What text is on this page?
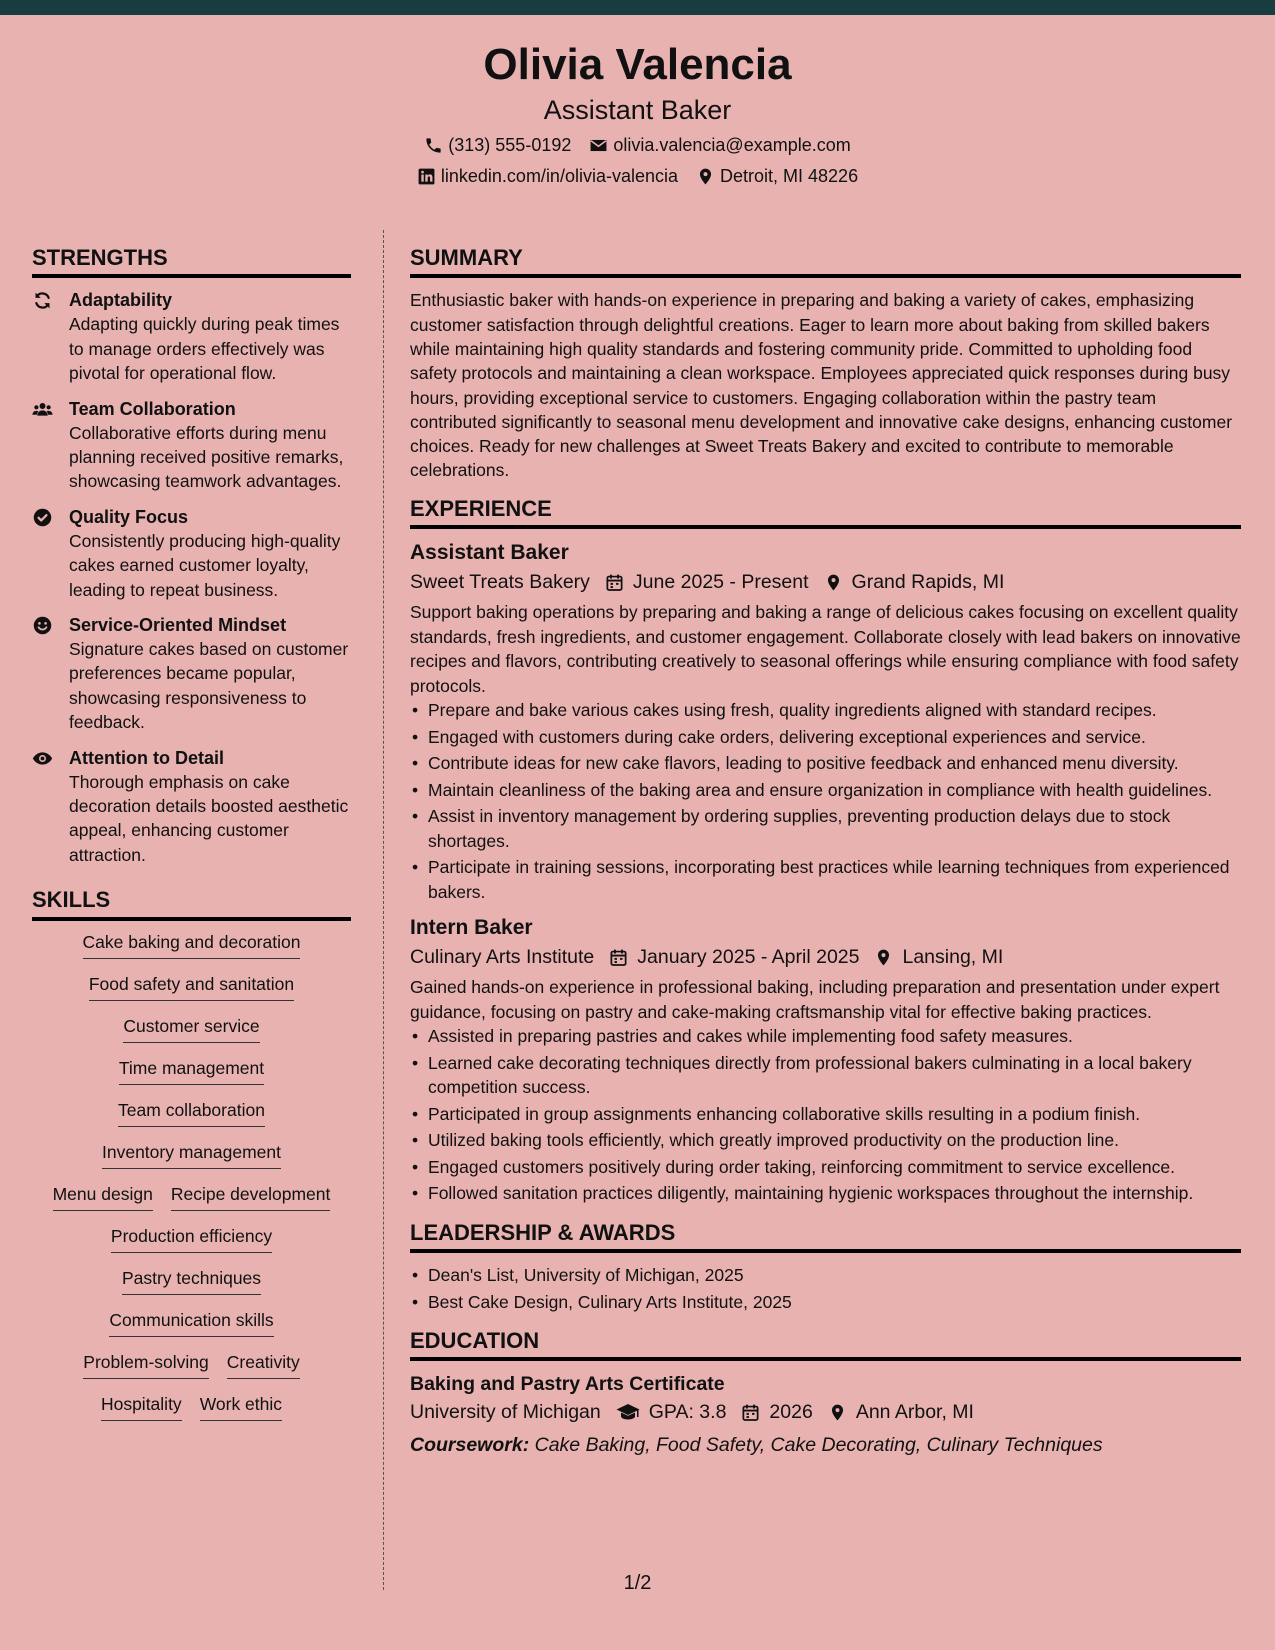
Olivia Valencia
Assistant Baker
(313) 555-0192 olivia.valencia@example.com
linkedin.com/in/olivia-valencia Detroit, MI 48226
STRENGTHS
Adaptability
Adapting quickly during peak times to manage orders effectively was pivotal for operational flow.
Team Collaboration
Collaborative efforts during menu planning received positive remarks, showcasing teamwork advantages.
Quality Focus
Consistently producing high-quality cakes earned customer loyalty, leading to repeat business.
Service-Oriented Mindset
Signature cakes based on customer preferences became popular, showcasing responsiveness to feedback.
Attention to Detail
Thorough emphasis on cake decoration details boosted aesthetic appeal, enhancing customer attraction.
SKILLS
Cake baking and decoration
Food safety and sanitation
Customer service
Time management
Team collaboration
Inventory management
Menu design Recipe development
Production efficiency
Pastry techniques
Communication skills
Problem-solving Creativity
Hospitality Work ethic
SUMMARY
Enthusiastic baker with hands-on experience in preparing and baking a variety of cakes, emphasizing customer satisfaction through delightful creations. Eager to learn more about baking from skilled bakers while maintaining high quality standards and fostering community pride. Committed to upholding food safety protocols and maintaining a clean workspace. Employees appreciated quick responses during busy hours, providing exceptional service to customers. Engaging collaboration within the pastry team contributed significantly to seasonal menu development and innovative cake designs, enhancing customer choices. Ready for new challenges at Sweet Treats Bakery and excited to contribute to memorable celebrations.
EXPERIENCE
Assistant Baker
Sweet Treats Bakery June 2025 - Present Grand Rapids, MI
Support baking operations by preparing and baking a range of delicious cakes focusing on excellent quality standards, fresh ingredients, and customer engagement. Collaborate closely with lead bakers on innovative recipes and flavors, contributing creatively to seasonal offerings while ensuring compliance with food safety protocols.
• Prepare and bake various cakes using fresh, quality ingredients aligned with standard recipes.
• Engaged with customers during cake orders, delivering exceptional experiences and service.
• Contribute ideas for new cake flavors, leading to positive feedback and enhanced menu diversity.
• Maintain cleanliness of the baking area and ensure organization in compliance with health guidelines.
• Assist in inventory management by ordering supplies, preventing production delays due to stock shortages.
• Participate in training sessions, incorporating best practices while learning techniques from experienced bakers.
Intern Baker
Culinary Arts Institute January 2025 - April 2025 Lansing, MI
Gained hands-on experience in professional baking, including preparation and presentation under expert guidance, focusing on pastry and cake-making craftsmanship vital for effective baking practices.
• Assisted in preparing pastries and cakes while implementing food safety measures.
• Learned cake decorating techniques directly from professional bakers culminating in a local bakery competition success.
• Participated in group assignments enhancing collaborative skills resulting in a podium finish.
• Utilized baking tools efficiently, which greatly improved productivity on the production line.
• Engaged customers positively during order taking, reinforcing commitment to service excellence.
• Followed sanitation practices diligently, maintaining hygienic workspaces throughout the internship.
LEADERSHIP & AWARDS
• Dean's List, University of Michigan, 2025
• Best Cake Design, Culinary Arts Institute, 2025
EDUCATION
Baking and Pastry Arts Certificate
University of Michigan GPA: 3.8 2026 Ann Arbor, MI
Coursework: Cake Baking, Food Safety, Cake Decorating, Culinary Techniques
1/2
